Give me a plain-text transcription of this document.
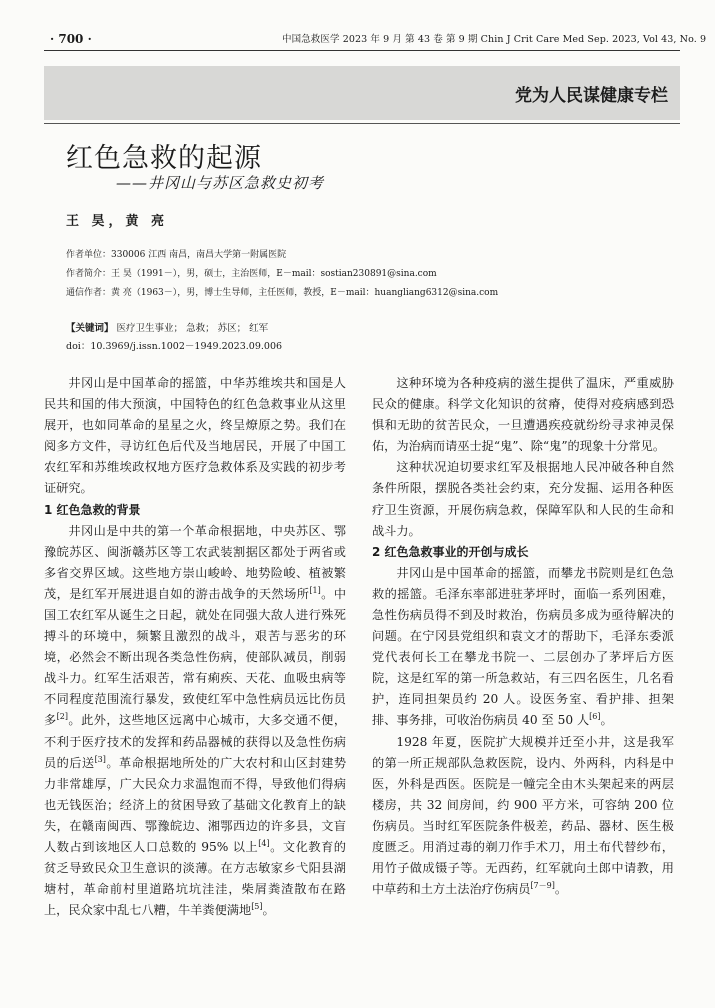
· 700 ·	中国急救医学 2023 年 9 月 第 43 卷 第 9 期 Chin J Crit Care Med Sep. 2023, Vol 43, No. 9
党为人民谋健康专栏
红色急救的起源
——井冈山与苏区急救史初考
王 昊，黄 亮
作者单位：330006 江西 南昌，南昌大学第一附属医院
作者简介：王 昊（1991－），男，硕士，主治医师，E－mail：sostian230891@sina.com
通信作者：黄 亮（1963－），男，博士生导师，主任医师，教授，E－mail：huangliang6312@sina.com
【关键词】 医疗卫生事业； 急救； 苏区； 红军
doi：10.3969/j.issn.1002－1949.2023.09.006

井冈山是中国革命的摇篮，中华苏维埃共和国是人民共和国的伟大预演，中国特色的红色急救事业从这里展开，也如同革命的星星之火，终呈燎原之势。我们在阅多方文件，寻访红色后代及当地居民，开展了中国工农红军和苏维埃政权地方医疗急救体系及实践的初步考证研究。

1 红色急救的背景

井冈山是中共的第一个革命根据地，中央苏区、鄂豫皖苏区、闽浙赣苏区等工农武装割据区都处于两省或多省交界区域。这些地方崇山峻岭、地势险峻、植被繁茂，是红军开展进退自如的游击战争的天然场所[1]。中国工农红军从诞生之日起，就处在同强大敌人进行殊死搏斗的环境中，频繁且激烈的战斗，艰苦与恶劣的环境，必然会不断出现各类急性伤病，使部队减员，削弱战斗力。红军生活艰苦，常有痢疾、天花、血吸虫病等不同程度范围流行暴发，致使红军中急性病员远比伤员多[2]。此外，这些地区远离中心城市，大多交通不便，不利于医疗技术的发挥和药品器械的获得以及急性伤病员的后送[3]。革命根据地所处的广大农村和山区封建势力非常雄厚，广大民众力求温饱而不得，导致他们得病也无钱医治；经济上的贫困导致了基础文化教育上的缺失，在赣南闽西、鄂豫皖边、湘鄂西边的许多县，文盲人数占到该地区人口总数的 95% 以上[4]。文化教育的贫乏导致民众卫生意识的淡薄。在方志敏家乡弋阳县湖塘村，革命前村里道路坑坑洼洼，柴屑粪渣散布在路上，民众家中乱七八糟，牛羊粪便满地[5]。

这种环境为各种疫病的滋生提供了温床，严重威胁民众的健康。科学文化知识的贫瘠，使得对疫病感到恐惧和无助的贫苦民众，一旦遭遇疾疫就纷纷寻求神灵保佑，为治病而请巫士捉“鬼”、除“鬼”的现象十分常见。

这种状况迫切要求红军及根据地人民冲破各种自然条件所限，摆脱各类社会约束，充分发掘、运用各种医疗卫生资源，开展伤病急救，保障军队和人民的生命和战斗力。

2 红色急救事业的开创与成长

井冈山是中国革命的摇篮，而攀龙书院则是红色急救的摇篮。毛泽东率部进驻茅坪时，面临一系列困难，急性伤病员得不到及时救治，伤病员多成为亟待解决的问题。在宁冈县党组织和袁文才的帮助下，毛泽东委派党代表何长工在攀龙书院一、二层创办了茅坪后方医院，这是红军的第一所急救站，有三四名医生，几名看护，连同担架员约 20 人。设医务室、看护排、担架排、事务排，可收治伤病员 40 至 50 人[6]。

1928 年夏，医院扩大规模并迁至小井，这是我军的第一所正规部队急救医院，设内、外两科，内科是中医，外科是西医。医院是一幢完全由木头架起来的两层楼房，共 32 间房间，约 900 平方米，可容纳 200 位伤病员。当时红军医院条件极差，药品、器材、医生极度匮乏。用消过毒的剃刀作手术刀，用土布代替纱布，用竹子做成镊子等。无西药，红军就向土郎中请教，用中草药和土方土法治疗伤病员[7－9]。
